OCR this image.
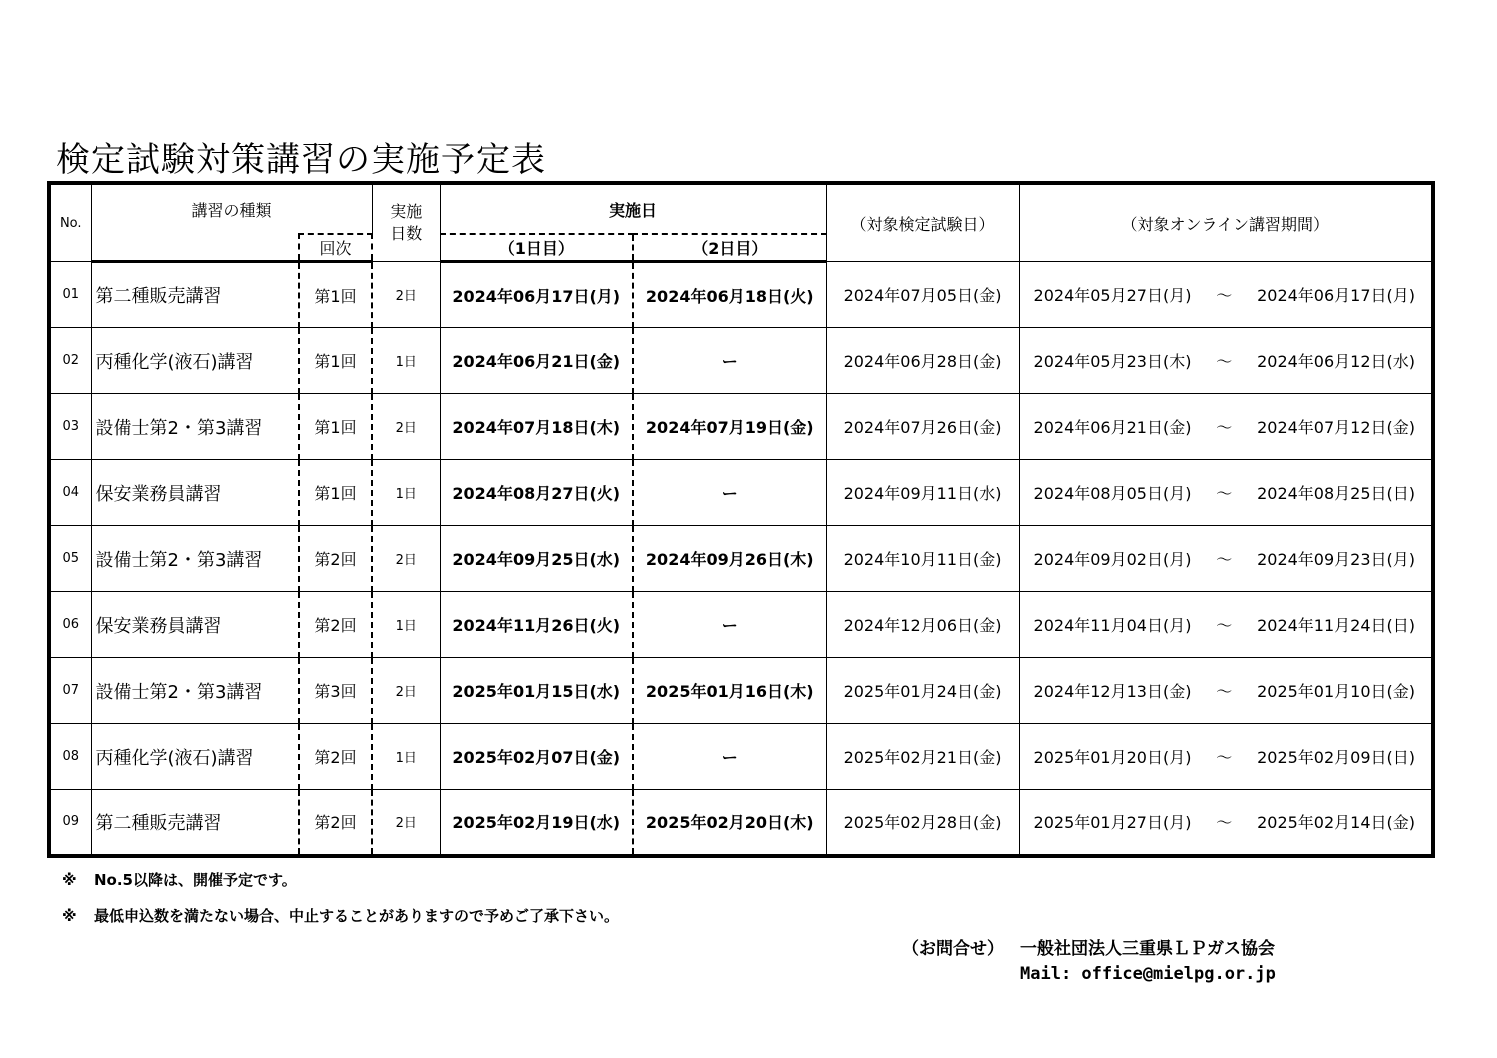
検定試験対策講習の実施予定表
No.	講習の種類		実施日数	実施日		（対象検定試験日）	（対象オンライン講習期間）
		回次		（1日目）	（2日目）		
01	第二種販売講習	第1回	2日	2024年06月17日(月)	2024年06月18日(火)	2024年07月05日(金)	2024年05月27日(月) ～ 2024年06月17日(月)

02	丙種化学(液石)講習	第1回	1日	2024年06月21日(金)	ー	2024年06月28日(金)	2024年05月23日(木) ～ 2024年06月12日(水)

03	設備士第2・第3講習	第1回	2日	2024年07月18日(木)	2024年07月19日(金)	2024年07月26日(金)	2024年06月21日(金) ～ 2024年07月12日(金)

04	保安業務員講習	第1回	1日	2024年08月27日(火)	ー	2024年09月11日(水)	2024年08月05日(月) ～ 2024年08月25日(日)

05	設備士第2・第3講習	第2回	2日	2024年09月25日(水)	2024年09月26日(木)	2024年10月11日(金)	2024年09月02日(月) ～ 2024年09月23日(月)

06	保安業務員講習	第2回	1日	2024年11月26日(火)	ー	2024年12月06日(金)	2024年11月04日(月) ～ 2024年11月24日(日)

07	設備士第2・第3講習	第3回	2日	2025年01月15日(水)	2025年01月16日(木)	2025年01月24日(金)	2024年12月13日(金) ～ 2025年01月10日(金)

08	丙種化学(液石)講習	第2回	1日	2025年02月07日(金)	ー	2025年02月21日(金)	2025年01月20日(月) ～ 2025年02月09日(日)

09	第二種販売講習	第2回	2日	2025年02月19日(水)	2025年02月20日(木)	2025年02月28日(金)	2025年01月27日(月) ～ 2025年02月14日(金)
※ No.5以降は、開催予定です。
※ 最低申込数を満たない場合、中止することがありますので予めご了承下さい。
（お問合せ） 一般社団法人三重県ＬＰガス協会
Mail: office@mielpg.or.jp
